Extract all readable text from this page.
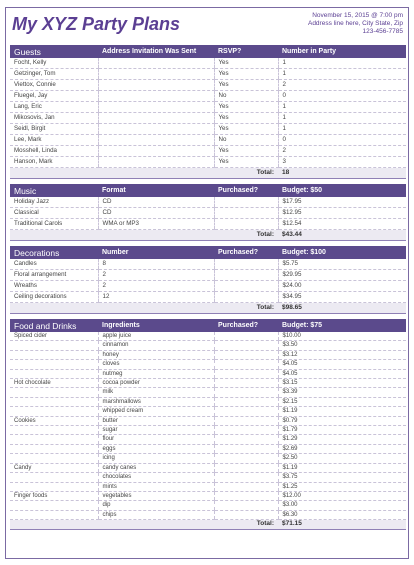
My XYZ Party Plans	November 15, 2015 @ 7:00 pm
Address line here, City State, Zip
123-456-7785
Guests	Address Invitation Was Sent	RSVP?	Number in Party
Focht, Kelly		Yes	1
Getzinger, Tom		Yes	1
Viettox, Connie		Yes	2
Fluegel, Jay		No	0
Lang, Eric		Yes	1
Mikosovis, Jan		Yes	1
Seidl, Birgit		Yes	1
Lee, Mark		No	0
Mosshell, Linda		Yes	2
Hanson, Mark		Yes	3
		Total:	18
Music	Format	Purchased?	Budget: $50
Holiday Jazz	CD		$17.95
Classical	CD		$12.95
Traditional Carols	WMA or MP3		$12.54
		Total:	$43.44
Decorations	Number	Purchased?	Budget: $100
Candles	8		$5.75
Floral arrangement	2		$29.95
Wreaths	2		$24.00
Ceiling decorations	12		$34.95
		Total:	$98.65
Food and Drinks	Ingredients	Purchased?	Budget: $75
Spiced cider	apple juice		$10.00
	cinnamon		$3.50
	honey		$3.12
	cloves		$4.05
	nutmeg		$4.05
Hot chocolate	cocoa powder		$3.15
	milk		$3.39
	marshmallows		$2.15
	whipped cream		$1.19
Cookies	butter		$0.79
	sugar		$1.79
	flour		$1.29
	eggs		$2.69
	icing		$2.50
Candy	candy canes		$1.19
	chocolates		$3.75
	mints		$1.25
Finger foods	vegetables		$12.00
	dip		$3.00
	chips		$6.30
		Total:	$71.15
